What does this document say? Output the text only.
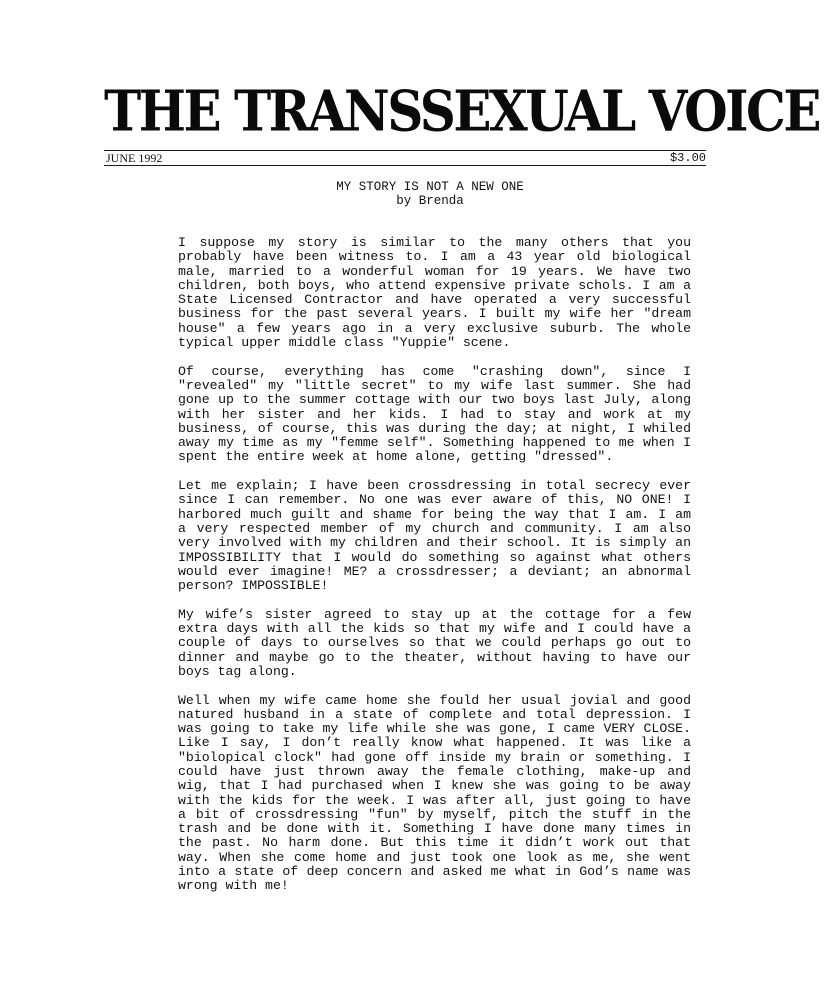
THE TRANSSEXUAL VOICE
JUNE 1992	$3.00
MY STORY IS NOT A NEW ONE
by Brenda

I suppose my story is similar to the many others that you probably have been witness to. I am a 43 year old biological male, married to a wonderful woman for 19 years. We have two children, both boys, who attend expensive private schols. I am a State Licensed Contractor and have operated a very successful business for the past several years. I built my wife her "dream house" a few years ago in a very exclusive suburb. The whole typical upper middle class "Yuppie" scene.

Of course, everything has come "crashing down", since I "revealed" my "little secret" to my wife last summer. She had gone up to the summer cottage with our two boys last July, along with her sister and her kids. I had to stay and work at my business, of course, this was during the day; at night, I whiled away my time as my "femme self". Something happened to me when I spent the entire week at home alone, getting "dressed".

Let me explain; I have been crossdressing in total secrecy ever since I can remember. No one was ever aware of this, NO ONE! I harbored much guilt and shame for being the way that I am. I am a very respected member of my church and community. I am also very involved with my children and their school. It is simply an IMPOSSIBILITY that I would do something so against what others would ever imagine! ME? a crossdresser; a deviant; an abnormal person? IMPOSSIBLE!

My wife’s sister agreed to stay up at the cottage for a few extra days with all the kids so that my wife and I could have a couple of days to ourselves so that we could perhaps go out to dinner and maybe go to the theater, without having to have our boys tag along.

Well when my wife came home she fould her usual jovial and good natured husband in a state of complete and total depression. I was going to take my life while she was gone, I came VERY CLOSE. Like I say, I don’t really know what happened. It was like a "biolopical clock" had gone off inside my brain or something. I could have just thrown away the female clothing, make-up and wig, that I had purchased when I knew she was going to be away with the kids for the week. I was after all, just going to have a bit of crossdressing "fun" by myself, pitch the stuff in the trash and be done with it. Something I have done many times in the past. No harm done. But this time it didn’t work out that way. When she come home and just took one look as me, she went into a state of deep concern and asked me what in God’s name was wrong with me!
